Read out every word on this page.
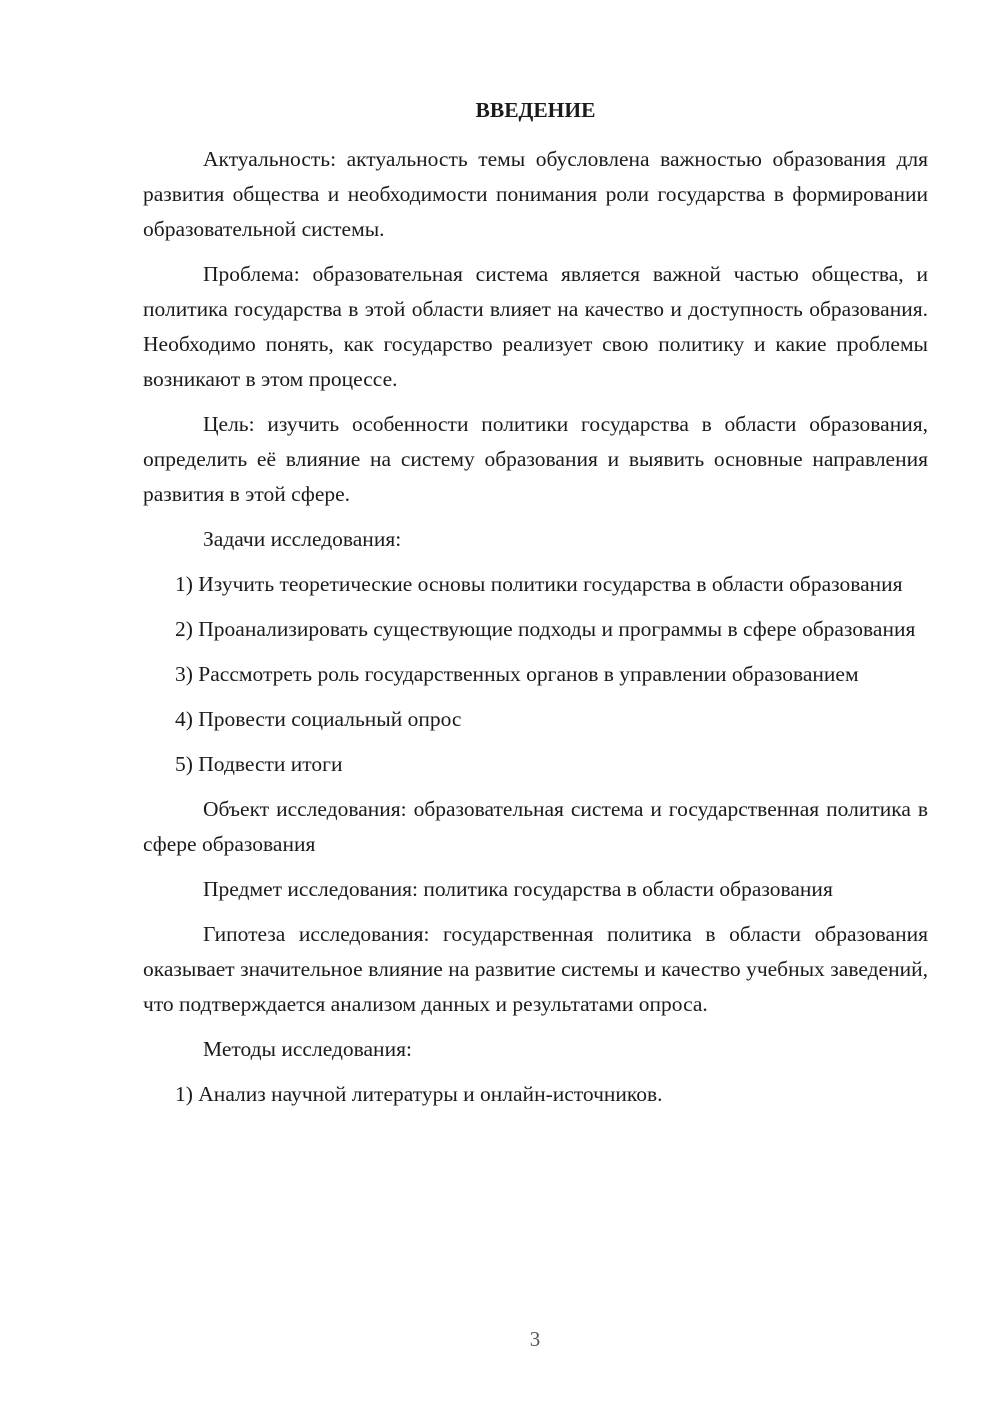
ВВЕДЕНИЕ

Актуальность: актуальность темы обусловлена важностью образования для развития общества и необходимости понимания роли государства в формировании образовательной системы.

Проблема: образовательная система является важной частью общества, и политика государства в этой области влияет на качество и доступность образования. Необходимо понять, как государство реализует свою политику и какие проблемы возникают в этом процессе.

Цель: изучить особенности политики государства в области образования, определить её влияние на систему образования и выявить основные направления развития в этой сфере.

Задачи исследования:

1) Изучить теоретические основы политики государства в области образования

2) Проанализировать существующие подходы и программы в сфере образования

3) Рассмотреть роль государственных органов в управлении образованием

4) Провести социальный опрос

5) Подвести итоги

Объект исследования: образовательная система и государственная политика в сфере образования

Предмет исследования: политика государства в области образования

Гипотеза исследования: государственная политика в области образования оказывает значительное влияние на развитие системы и качество учебных заведений, что подтверждается анализом данных и результатами опроса.

Методы исследования:

1) Анализ научной литературы и онлайн-источников.

3
